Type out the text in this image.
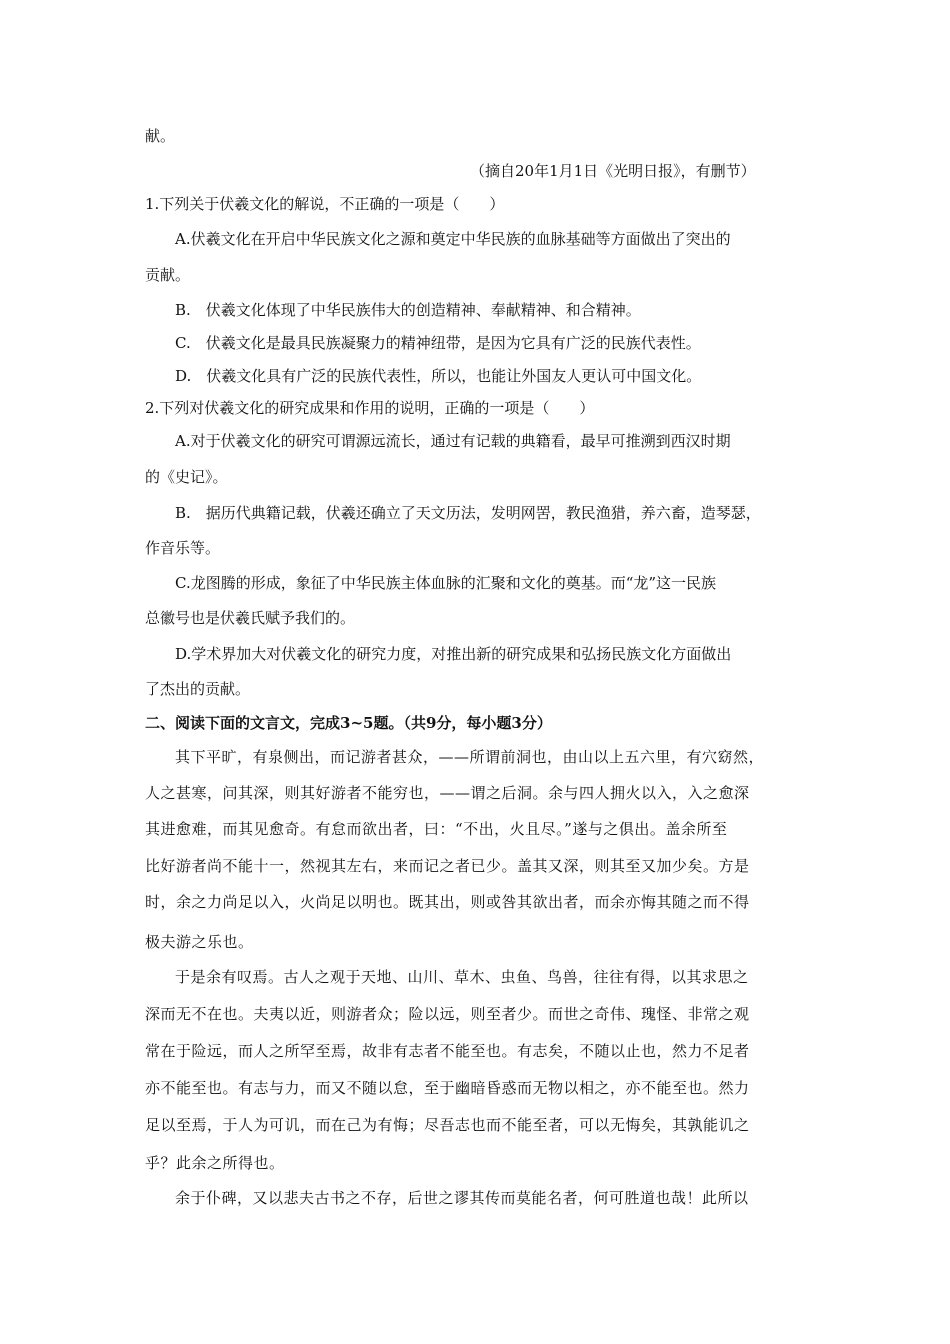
献。
（摘自20年1月1日《光明日报》，有删节）
1.下列关于伏羲文化的解说，不正确的一项是（　　）
A.伏羲文化在开启中华民族文化之源和奠定中华民族的血脉基础等方面做出了突出的
贡献。
B.　伏羲文化体现了中华民族伟大的创造精神、奉献精神、和合精神。
C.　伏羲文化是最具民族凝聚力的精神纽带，是因为它具有广泛的民族代表性。
D.　伏羲文化具有广泛的民族代表性，所以，也能让外国友人更认可中国文化。
2.下列对伏羲文化的研究成果和作用的说明，正确的一项是（　　）
A.对于伏羲文化的研究可谓源远流长，通过有记载的典籍看，最早可推溯到西汉时期
的《史记》。
B.　据历代典籍记载，伏羲还确立了天文历法，发明网罟，教民渔猎，养六畜，造琴瑟，
作音乐等。
C.龙图腾的形成，象征了中华民族主体血脉的汇聚和文化的奠基。而“龙”这一民族
总徽号也是伏羲氏赋予我们的。
D.学术界加大对伏羲文化的研究力度，对推出新的研究成果和弘扬民族文化方面做出
了杰出的贡献。
二、阅读下面的文言文，完成3~5题。（共9分，每小题3分）
其下平旷，有泉侧出，而记游者甚众，——所谓前洞也，由山以上五六里，有穴窈然，
人之甚寒，问其深，则其好游者不能穷也，——谓之后洞。余与四人拥火以入，入之愈深
其进愈难，而其见愈奇。有怠而欲出者，曰：“不出，火且尽。”遂与之俱出。盖余所至
比好游者尚不能十一，然视其左右，来而记之者已少。盖其又深，则其至又加少矣。方是
时，余之力尚足以入，火尚足以明也。既其出，则或咎其欲出者，而余亦悔其随之而不得
极夫游之乐也。
于是余有叹焉。古人之观于天地、山川、草木、虫鱼、鸟兽，往往有得，以其求思之
深而无不在也。夫夷以近，则游者众；险以远，则至者少。而世之奇伟、瑰怪、非常之观
常在于险远，而人之所罕至焉，故非有志者不能至也。有志矣，不随以止也，然力不足者
亦不能至也。有志与力，而又不随以怠，至于幽暗昏惑而无物以相之，亦不能至也。然力
足以至焉，于人为可讥，而在己为有悔；尽吾志也而不能至者，可以无悔矣，其孰能讥之
乎？此余之所得也。
余于仆碑，又以悲夫古书之不存，后世之谬其传而莫能名者，何可胜道也哉！此所以
